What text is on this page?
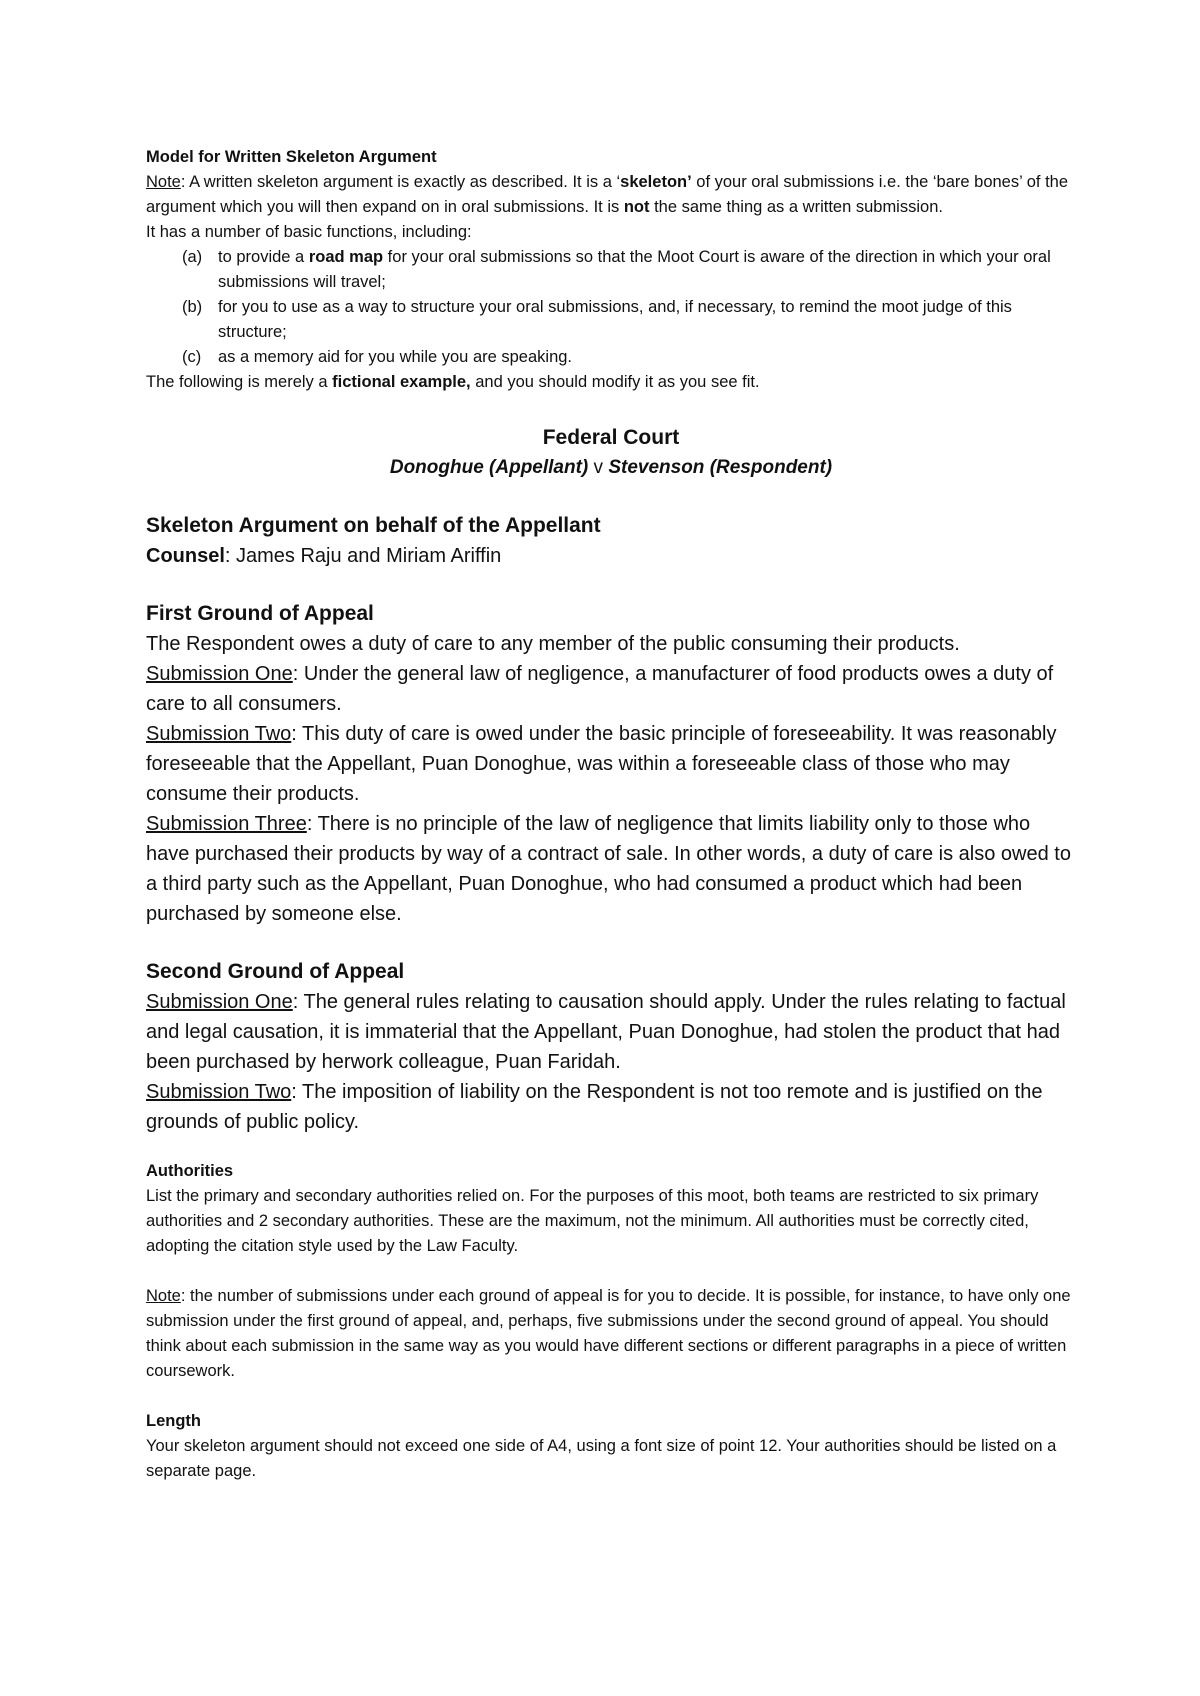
Model for Written Skeleton Argument

Note: A written skeleton argument is exactly as described. It is a ‘skeleton’ of your oral submissions i.e. the ‘bare bones’ of the argument which you will then expand on in oral submissions. It is not the same thing as a written submission.

It has a number of basic functions, including:

(a) to provide a road map for your oral submissions so that the Moot Court is aware of the direction in which your oral submissions will travel;
(b) for you to use as a way to structure your oral submissions, and, if necessary, to remind the moot judge of this structure;
(c)	as a memory aid for you while you are speaking.

The following is merely a fictional example, and you should modify it as you see fit.

Federal Court

Donoghue (Appellant) v Stevenson (Respondent)

Skeleton Argument on behalf of the Appellant

Counsel: James Raju and Miriam Ariffin

First Ground of Appeal

The Respondent owes a duty of care to any member of the public consuming their products.

Submission One: Under the general law of negligence, a manufacturer of food products owes a duty of care to all consumers.

Submission Two: This duty of care is owed under the basic principle of foreseeability. It was reasonably foreseeable that the Appellant, Puan Donoghue, was within a foreseeable class of those who may consume their products.

Submission Three: There is no principle of the law of negligence that limits liability only to those who have purchased their products by way of a contract of sale. In other words, a duty of care is also owed to a third party such as the Appellant, Puan Donoghue, who had consumed a product which had been purchased by someone else.

Second Ground of Appeal

Submission One: The general rules relating to causation should apply. Under the rules relating to factual and legal causation, it is immaterial that the Appellant, Puan Donoghue, had stolen the product that had been purchased by herwork colleague, Puan Faridah.

Submission Two: The imposition of liability on the Respondent is not too remote and is justified on the grounds of public policy.

Authorities

List the primary and secondary authorities relied on. For the purposes of this moot, both teams are restricted to six primary authorities and 2 secondary authorities. These are the maximum, not the minimum. All authorities must be correctly cited, adopting the citation style used by the Law Faculty.

Note: the number of submissions under each ground of appeal is for you to decide. It is possible, for instance, to have only one submission under the first ground of appeal, and, perhaps, five submissions under the second ground of appeal. You should think about each submission in the same way as you would have different sections or different paragraphs in a piece of written coursework.

Length

Your skeleton argument should not exceed one side of A4, using a font size of point 12. Your authorities should be listed on a separate page.
